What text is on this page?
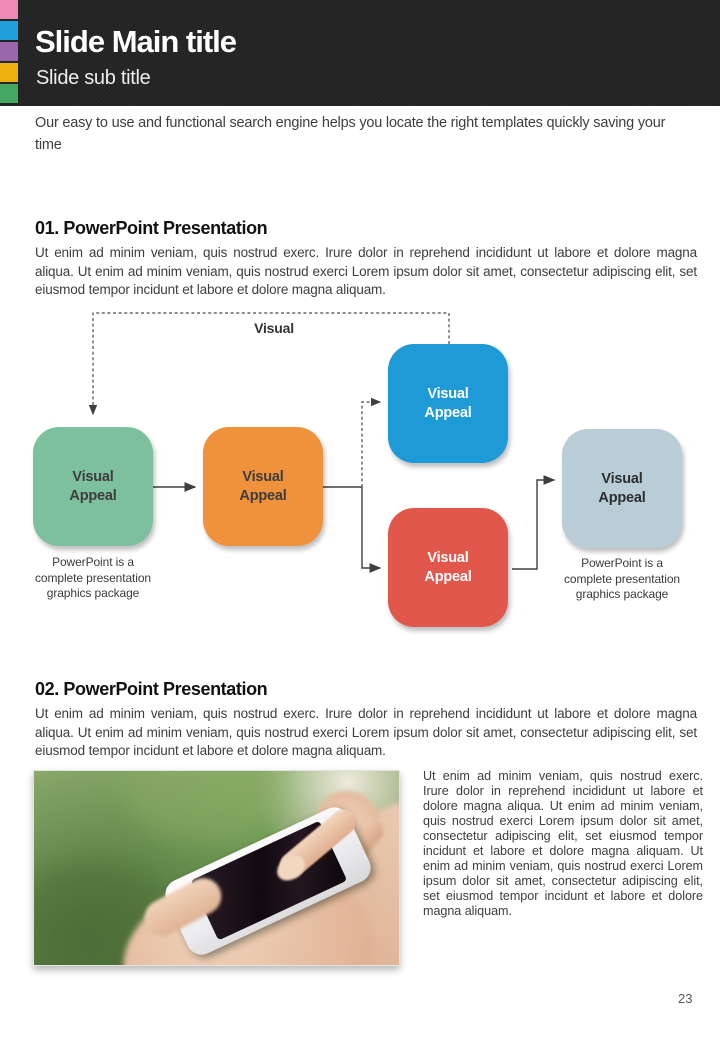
Slide Main title
Slide sub title
Our easy to use and functional search engine helps you locate the right templates quickly saving your time
01. PowerPoint Presentation
Ut enim ad minim veniam, quis nostrud exerc. Irure dolor in reprehend incididunt ut labore et dolore magna aliqua. Ut enim ad minim veniam, quis nostrud exerci Lorem ipsum dolor sit amet, consectetur adipiscing elit, set eiusmod tempor incidunt et labore et dolore magna aliquam.
Visual
Visual Appeal
Visual Appeal
Visual Appeal
Visual Appeal
Visual Appeal
PowerPoint is a
complete presentation
graphics package
PowerPoint is a
complete presentation
graphics package
02. PowerPoint Presentation
Ut enim ad minim veniam, quis nostrud exerc. Irure dolor in reprehend incididunt ut labore et dolore magna aliqua. Ut enim ad minim veniam, quis nostrud exerci Lorem ipsum dolor sit amet, consectetur adipiscing elit, set eiusmod tempor incidunt et labore et dolore magna aliquam.
Ut enim ad minim veniam, quis nostrud exerc. Irure dolor in reprehend incididunt ut labore et dolore magna aliqua. Ut enim ad minim veniam, quis nostrud exerci Lorem ipsum dolor sit amet, consectetur adipiscing elit, set eiusmod tempor incidunt et labore et dolore magna aliquam. Ut enim ad minim veniam, quis nostrud exerci Lorem ipsum dolor sit amet, consectetur adipiscing elit, set eiusmod tempor incidunt et labore et dolore magna aliquam.
23
